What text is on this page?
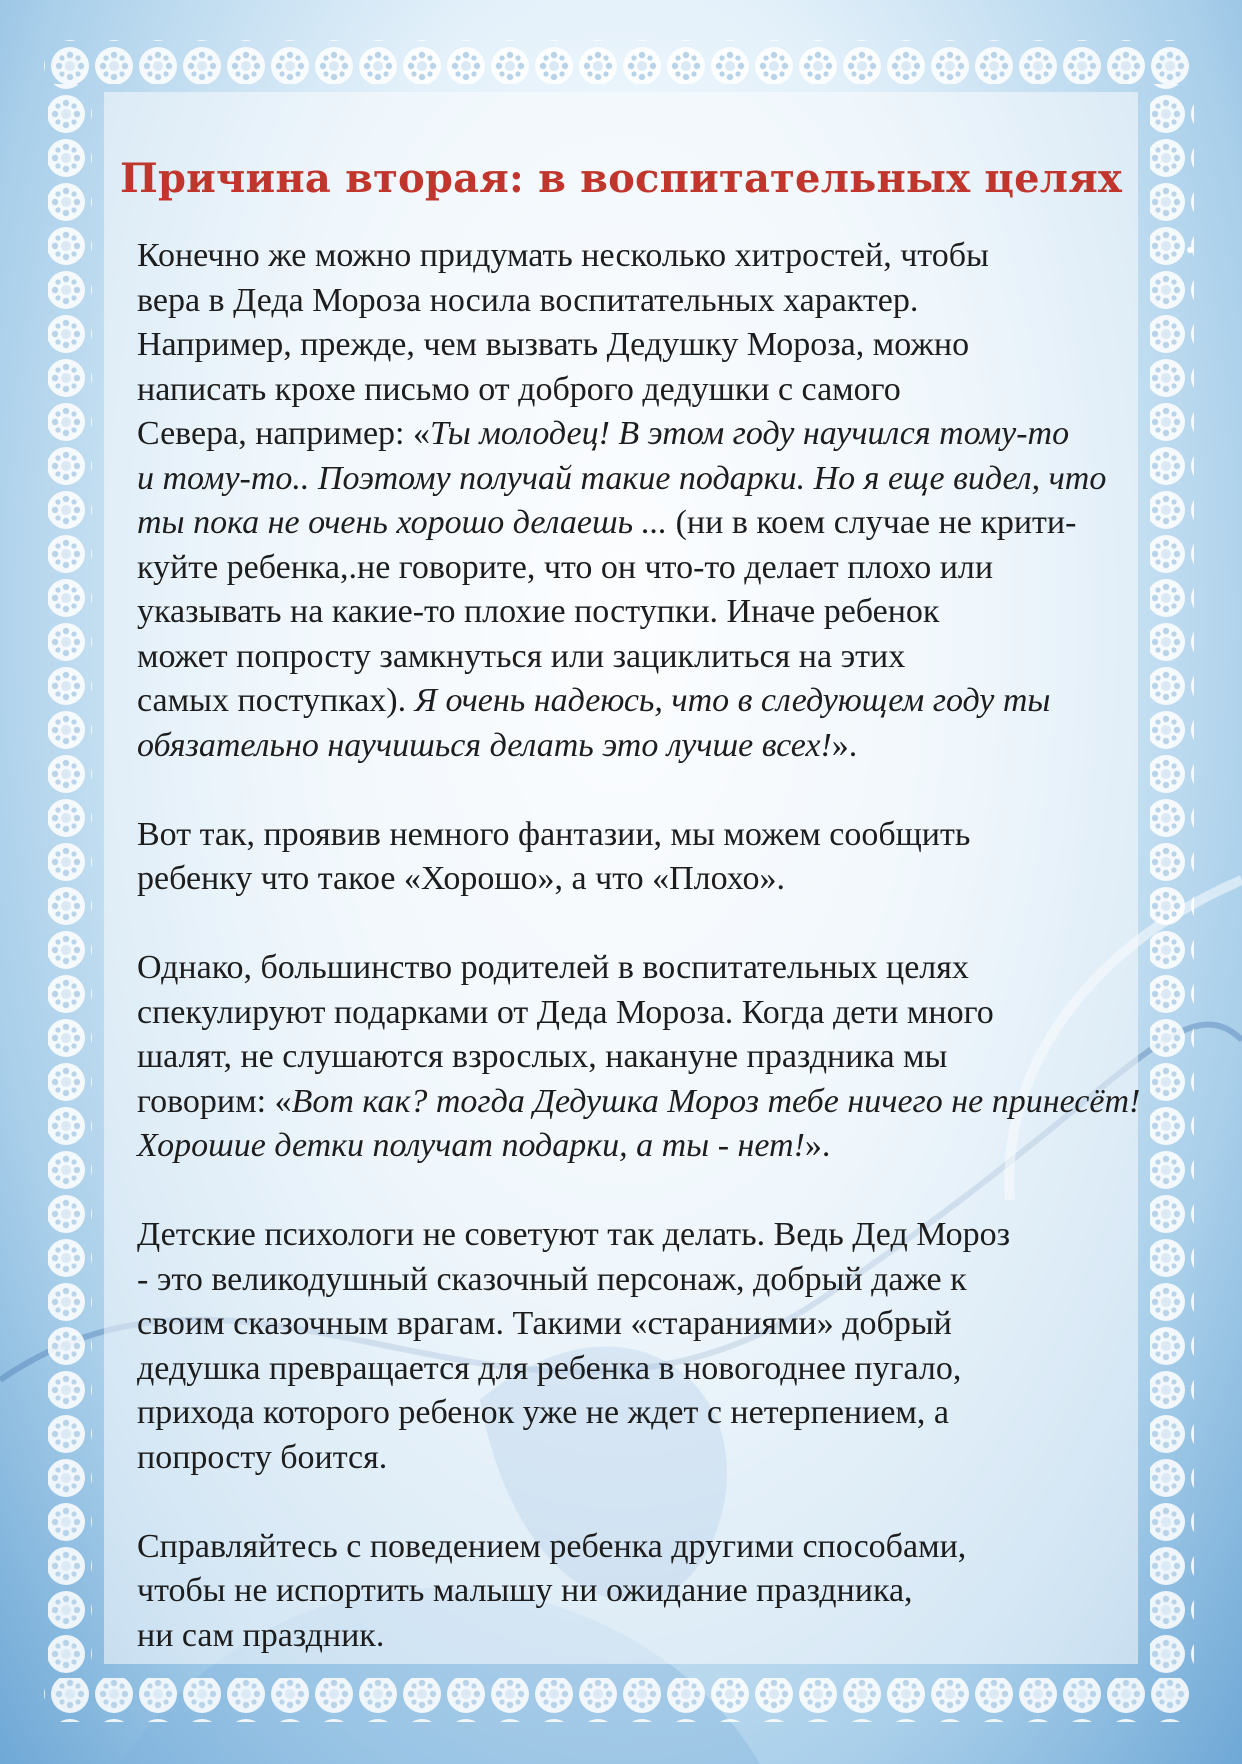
Причина вторая: в воспитательных целях

Конечно же можно придумать несколько хитростей, чтобы
вера в Деда Мороза носила воспитательных характер.
Например, прежде, чем вызвать Дедушку Мороза, можно
написать крохе письмо от доброго дедушки с самого
Севера, например: «Ты молодец! В этом году научился тому-то
и тому-то.. Поэтому получай такие подарки. Но я еще видел, что
ты пока не очень хорошо делаешь ... (ни в коем случае не крити-
куйте ребенка,.не говорите, что он что-то делает плохо или
указывать на какие-то плохие поступки. Иначе ребенок
может попросту замкнуться или зациклиться на этих
самых поступках). Я очень надеюсь, что в следующем году ты
обязательно научишься делать это лучше всех!».

Вот так, проявив немного фантазии, мы можем сообщить
ребенку что такое «Хорошо», а что «Плохо».

Однако, большинство родителей в воспитательных целях
спекулируют подарками от Деда Мороза. Когда дети много
шалят, не слушаются взрослых, накануне праздника мы
говорим: «Вот как? тогда Дедушка Мороз тебе ничего не принесёт!
Хорошие детки получат подарки, а ты - нет!».

Детские психологи не советуют так делать. Ведь Дед Мороз
- это великодушный сказочный персонаж, добрый даже к
своим сказочным врагам. Такими «стараниями» добрый
дедушка превращается для ребенка в новогоднее пугало,
прихода которого ребенок уже не ждет с нетерпением, а
попросту боится.

Справляйтесь с поведением ребенка другими способами,
чтобы не испортить малышу ни ожидание праздника,
ни сам праздник.
